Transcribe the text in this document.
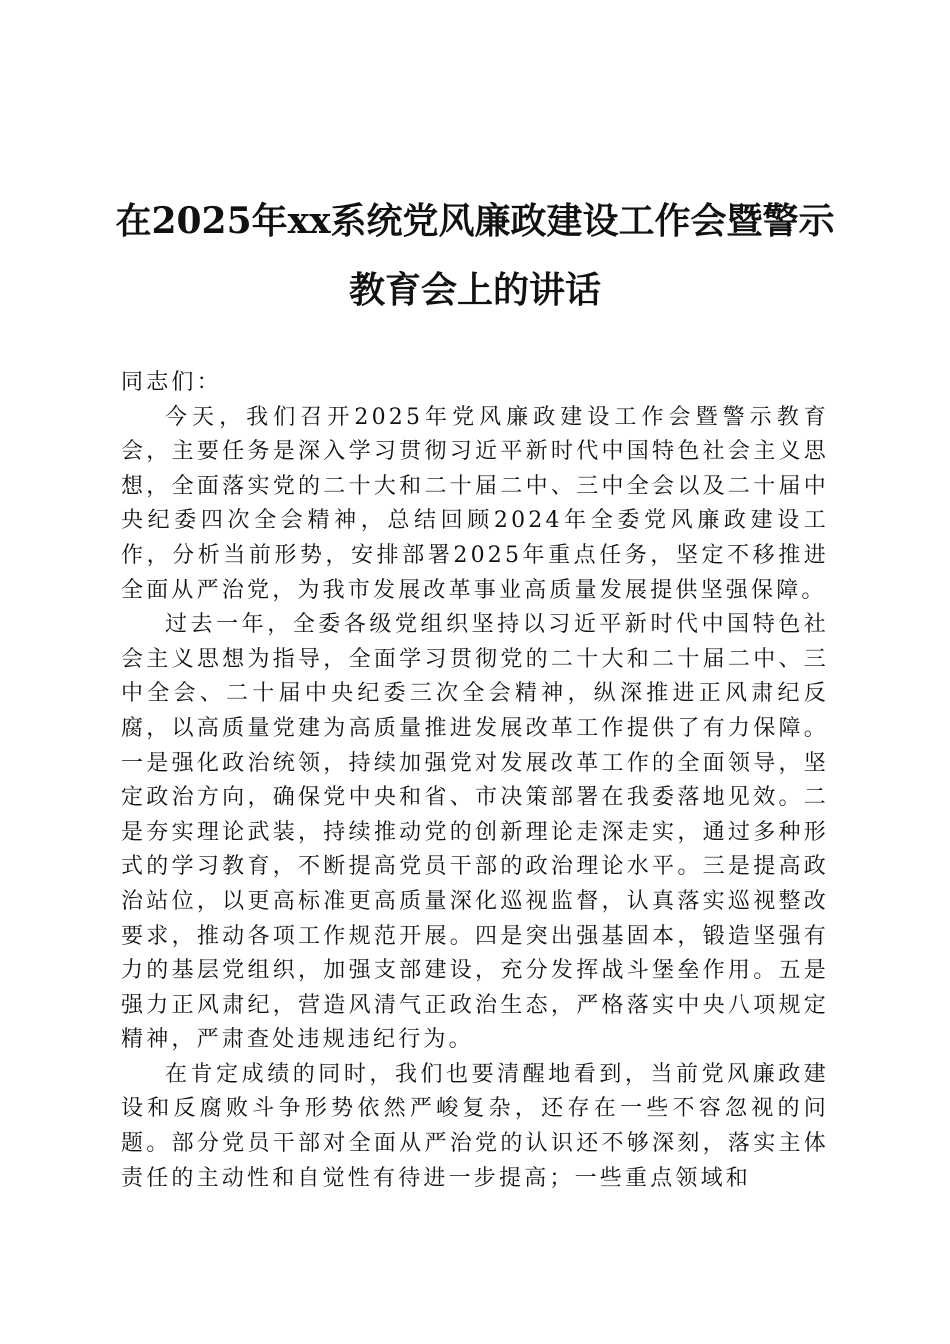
在2025年xx系统党风廉政建设工作会暨警示
教育会上的讲话

同志们：

今天，我们召开2025年党风廉政建设工作会暨警示教育会，主要任务是深入学习贯彻习近平新时代中国特色社会主义思想，全面落实党的二十大和二十届二中、三中全会以及二十届中央纪委四次全会精神，总结回顾2024年全委党风廉政建设工作，分析当前形势，安排部署2025年重点任务，坚定不移推进全面从严治党，为我市发展改革事业高质量发展提供坚强保障。

过去一年，全委各级党组织坚持以习近平新时代中国特色社会主义思想为指导，全面学习贯彻党的二十大和二十届二中、三中全会、二十届中央纪委三次全会精神，纵深推进正风肃纪反腐，以高质量党建为高质量推进发展改革工作提供了有力保障。一是强化政治统领，持续加强党对发展改革工作的全面领导，坚定政治方向，确保党中央和省、市决策部署在我委落地见效。二是夯实理论武装，持续推动党的创新理论走深走实，通过多种形式的学习教育，不断提高党员干部的政治理论水平。三是提高政治站位，以更高标准更高质量深化巡视监督，认真落实巡视整改要求，推动各项工作规范开展。四是突出强基固本，锻造坚强有力的基层党组织，加强支部建设，充分发挥战斗堡垒作用。五是强力正风肃纪，营造风清气正政治生态，严格落实中央八项规定精神，严肃查处违规违纪行为。

在肯定成绩的同时，我们也要清醒地看到，当前党风廉政建设和反腐败斗争形势依然严峻复杂，还存在一些不容忽视的问题。部分党员干部对全面从严治党的认识还不够深刻，落实主体责任的主动性和自觉性有待进一步提高；一些重点领域和
